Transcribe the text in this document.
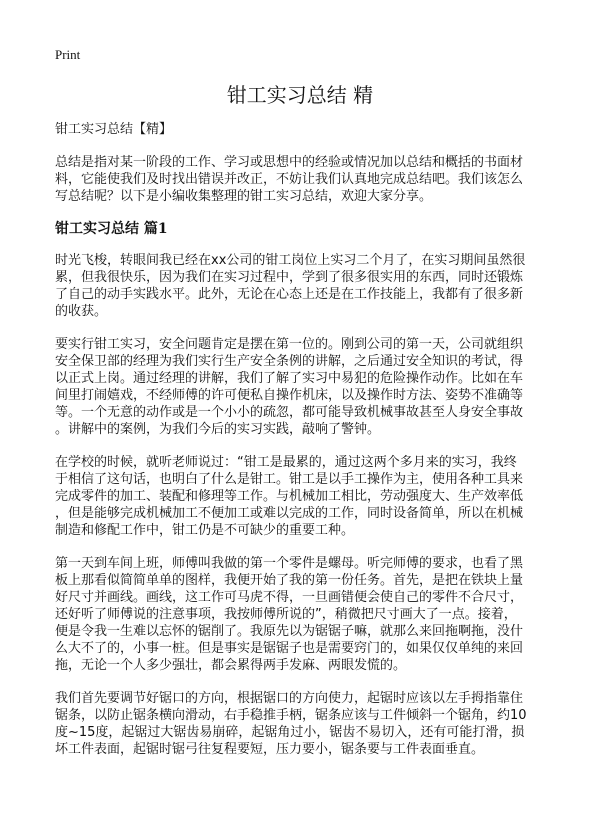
Print
钳工实习总结 精
钳工实习总结【精】
总结是指对某一阶段的工作、学习或思想中的经验或情况加以总结和概括的书面材
料，它能使我们及时找出错误并改正，不妨让我们认真地完成总结吧。我们该怎么
写总结呢？以下是小编收集整理的钳工实习总结，欢迎大家分享。
钳工实习总结 篇1
时光飞梭，转眼间我已经在xx公司的钳工岗位上实习二个月了，在实习期间虽然很
累，但我很快乐，因为我们在实习过程中，学到了很多很实用的东西，同时还锻炼
了自己的动手实践水平。此外，无论在心态上还是在工作技能上，我都有了很多新
的收获。
要实行钳工实习，安全问题肯定是摆在第一位的。刚到公司的第一天，公司就组织
安全保卫部的经理为我们实行生产安全条例的讲解，之后通过安全知识的考试，得
以正式上岗。通过经理的讲解，我们了解了实习中易犯的危险操作动作。比如在车
间里打闹嬉戏，不经师傅的许可便私自操作机床，以及操作时方法、姿势不准确等
等。一个无意的动作或是一个小小的疏忽，都可能导致机械事故甚至人身安全事故
。讲解中的案例，为我们今后的实习实践，敲响了警钟。
在学校的时候，就听老师说过：“钳工是最累的，通过这两个多月来的实习，我终
于相信了这句话，也明白了什么是钳工。钳工是以手工操作为主，使用各种工具来
完成零件的加工、装配和修理等工作。与机械加工相比，劳动强度大、生产效率低
，但是能够完成机械加工不便加工或难以完成的工作，同时设备简单，所以在机械
制造和修配工作中，钳工仍是不可缺少的重要工种。
第一天到车间上班，师傅叫我做的第一个零件是螺母。听完师傅的要求，也看了黑
板上那看似简简单单的图样，我便开始了我的第一份任务。首先，是把在铁块上量
好尺寸并画线。画线，这工作可马虎不得，一旦画错便会使自己的零件不合尺寸，
还好听了师傅说的注意事项，我按师傅所说的”，稍微把尺寸画大了一点。接着，
便是令我一生难以忘怀的锯削了。我原先以为锯锯子嘛，就那么来回拖啊拖，没什
么大不了的，小事一桩。但是事实是锯锯子也是需要窍门的，如果仅仅单纯的来回
拖，无论一个人多少强壮，都会累得两手发麻、两眼发慌的。
我们首先要调节好锯口的方向，根据锯口的方向使力，起锯时应该以左手拇指靠住
锯条，以防止锯条横向滑动，右手稳推手柄，锯条应该与工件倾斜一个锯角，约10
度~15度，起锯过大锯齿易崩碎，起锯角过小，锯齿不易切入，还有可能打滑，损
坏工件表面，起锯时锯弓往复程要短，压力要小，锯条要与工件表面垂直。
